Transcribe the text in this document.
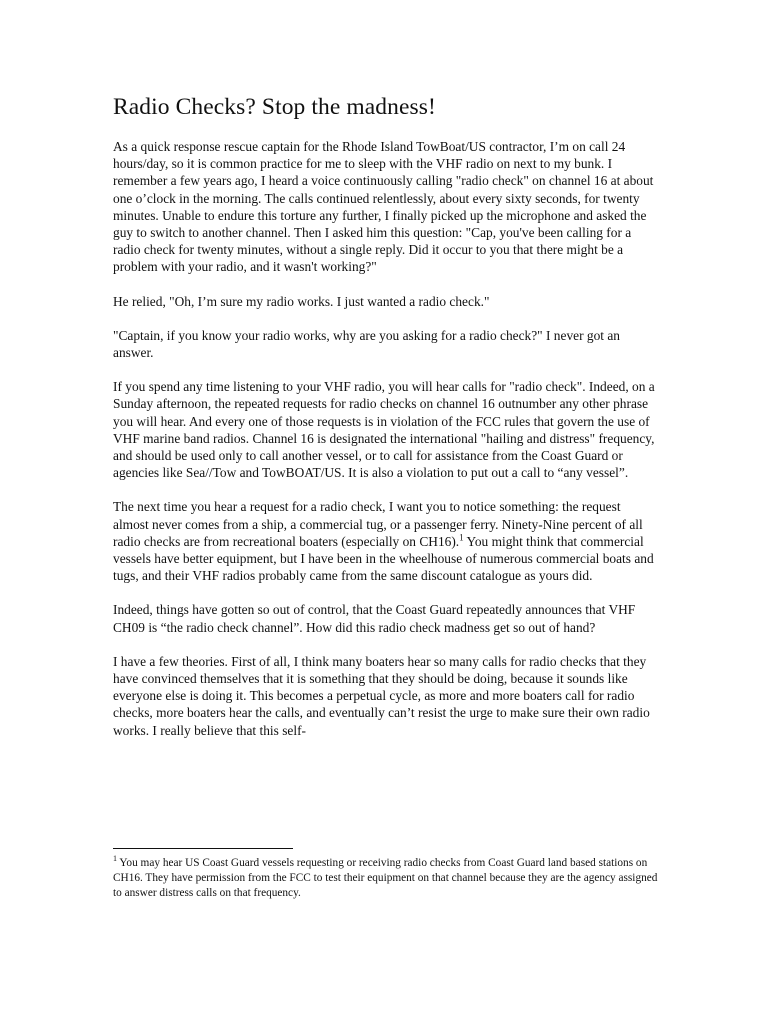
Radio Checks? Stop the madness!

As a quick response rescue captain for the Rhode Island TowBoat/US contractor, I’m on call 24 hours/day, so it is common practice for me to sleep with the VHF radio on next to my bunk. I remember a few years ago, I heard a voice continuously calling "radio check" on channel 16 at about one o’clock in the morning. The calls continued relentlessly, about every sixty seconds, for twenty minutes. Unable to endure this torture any further, I finally picked up the microphone and asked the guy to switch to another channel. Then I asked him this question: "Cap, you've been calling for a radio check for twenty minutes, without a single reply. Did it occur to you that there might be a problem with your radio, and it wasn't working?"

He relied, "Oh, I’m sure my radio works. I just wanted a radio check."

"Captain, if you know your radio works, why are you asking for a radio check?" I never got an answer.

If you spend any time listening to your VHF radio, you will hear calls for "radio check". Indeed, on a Sunday afternoon, the repeated requests for radio checks on channel 16 outnumber any other phrase you will hear. And every one of those requests is in violation of the FCC rules that govern the use of VHF marine band radios. Channel 16 is designated the international "hailing and distress" frequency, and should be used only to call another vessel, or to call for assistance from the Coast Guard or agencies like Sea//Tow and TowBOAT/US. It is also a violation to put out a call to “any vessel”.

The next time you hear a request for a radio check, I want you to notice something: the request almost never comes from a ship, a commercial tug, or a passenger ferry. Ninety-Nine percent of all radio checks are from recreational boaters (especially on CH16).$^1$ You might think that commercial vessels have better equipment, but I have been in the wheelhouse of numerous commercial boats and tugs, and their VHF radios probably came from the same discount catalogue as yours did.

Indeed, things have gotten so out of control, that the Coast Guard repeatedly announces that VHF CH09 is “the radio check channel”. How did this radio check madness get so out of hand?

I have a few theories. First of all, I think many boaters hear so many calls for radio checks that they have convinced themselves that it is something that they should be doing, because it sounds like everyone else is doing it. This becomes a perpetual cycle, as more and more boaters call for radio checks, more boaters hear the calls, and eventually can’t resist the urge to make sure their own radio works. I really believe that this self-

$^1$ You may hear US Coast Guard vessels requesting or receiving radio checks from Coast Guard land based stations on CH16. They have permission from the FCC to test their equipment on that channel because they are the agency assigned to answer distress calls on that frequency.
